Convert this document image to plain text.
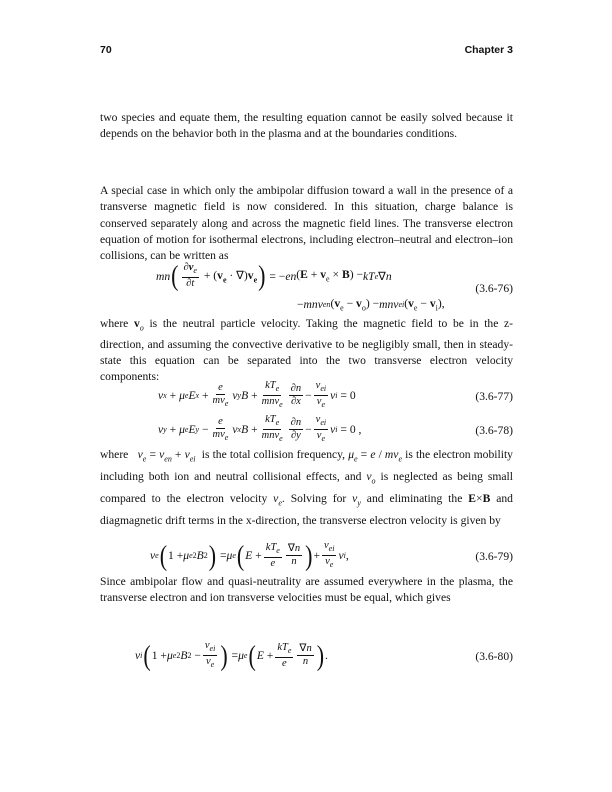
70	Chapter 3

two species and equate them, the resulting equation cannot be easily solved because it depends on the behavior both in the plasma and at the boundaries conditions.

A special case in which only the ambipolar diffusion toward a wall in the presence of a transverse magnetic field is now considered. In this situation, charge balance is conserved separately along and across the magnetic field lines. The transverse electron equation of motion for isothermal electrons, including electron–neutral and electron–ion collisions, can be written as

mn ( $\frac{\partial v_e}{\partial t} + (v_e \cdot \nabla)v_e$ ) = − en $(E + v_e \times B)$ − kT e ∇ n
− mnν en $(v_e - v_o) - mn\nu$ ei $(v_e - v_i)$,
(3.6-76)

where $v_o$ is the neutral particle velocity. Taking the magnetic field to be in the z-direction, and assuming the convective derivative to be negligibly small, then in steady-state this equation can be separated into the two transverse electron velocity components:

v x + μ e E $x + \frac{e}{m\nu_e}$ v y $B + \frac{kT_e}{mn\nu_e} \frac{\partial n}{\partial x} - \frac{\nu_{ei}}{\nu_e}$ v i = 0	(3.6-77)
v y + μ e E $y - \frac{e}{m\nu_e}$ v x $B + \frac{kT_e}{mn\nu_e} \frac{\partial n}{\partial y} - \frac{\nu_{ei}}{\nu_e}$ v i = 0 ,	(3.6-78)

where $\nu_e = \nu_{en} + \nu_{ei}$ is the total collision frequency, $\mu_e = e / m\nu_e$ is the electron mobility including both ion and neutral collisional effects, and $v_o$ is neglected as being small compared to the electron velocity $v_e$. Solving for $v_y$ and eliminating the E×B and diagmagnetic drift terms in the x-direction, the transverse electron velocity is given by

v e ( 1 + μ e 2 B 2 ) = μ e ( $E + \frac{kT_e}{e} \frac{\nabla n}{n}$ ) + $\frac{\nu_{ei}}{\nu_e}$ v i ,	(3.6-79)

Since ambipolar flow and quasi-neutrality are assumed everywhere in the plasma, the transverse electron and ion transverse velocities must be equal, which gives

v i ( 1 + μ e 2 B $2 - \frac{\nu_{ei}}{\nu_e}$ ) = μ e ( $E + \frac{kT_e}{e} \frac{\nabla n}{n}$ ) .	(3.6-80)
